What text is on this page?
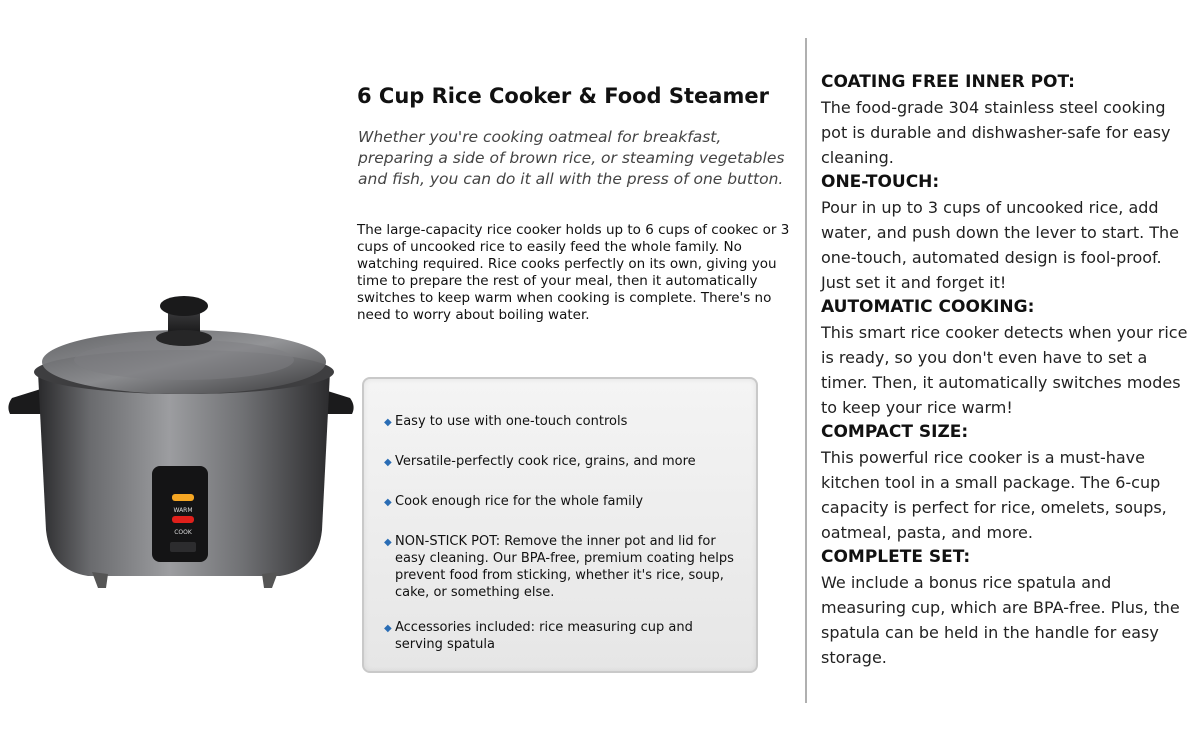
WARM
COOK
6 Cup Rice Cooker & Food Steamer
Whether you're cooking oatmeal for breakfast, preparing a side of brown rice, or steaming vegetables and fish, you can do it all with the press of one button.
The large-capacity rice cooker holds up to 6 cups of cookec or 3 cups of uncooked rice to easily feed the whole family. No watching required. Rice cooks perfectly on its own, giving you time to prepare the rest of your meal, then it automatically switches to keep warm when cooking is complete. There's no need to worry about boiling water.
◆ Easy to use with one-touch controls
◆ Versatile-perfectly cook rice, grains, and more
◆ Cook enough rice for the whole family
◆ NON-STICK POT: Remove the inner pot and lid for easy cleaning. Our BPA-free, premium coating helps prevent food from sticking, whether it's rice, soup, cake, or something else.
◆ Accessories included: rice measuring cup and serving spatula
COATING FREE INNER POT:
The food-grade 304 stainless steel cooking pot is durable and dishwasher-safe for easy cleaning.
ONE-TOUCH:
Pour in up to 3 cups of uncooked rice, add water, and push down the lever to start. The one-touch, automated design is fool-proof. Just set it and forget it!
AUTOMATIC COOKING:
This smart rice cooker detects when your rice is ready, so you don't even have to set a timer. Then, it automatically switches modes to keep your rice warm!
COMPACT SIZE:
This powerful rice cooker is a must-have kitchen tool in a small package. The 6-cup capacity is perfect for rice, omelets, soups, oatmeal, pasta, and more.
COMPLETE SET:
We include a bonus rice spatula and measuring cup, which are BPA-free. Plus, the spatula can be held in the handle for easy storage.
